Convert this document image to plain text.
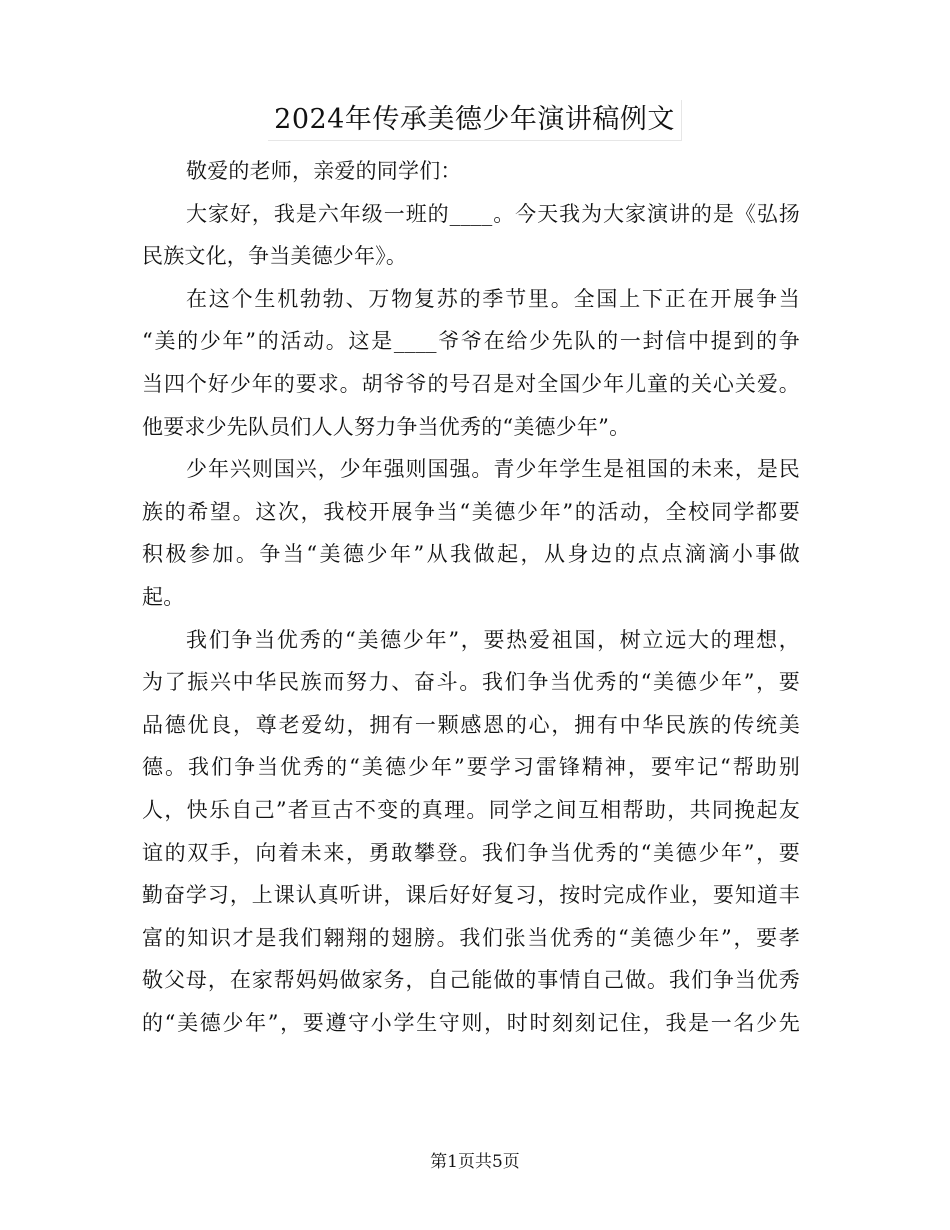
2024年传承美德少年演讲稿例文
敬爱的老师，亲爱的同学们：
大家好，我是六年级一班的____。今天我为大家演讲的是《弘扬
民族文化，争当美德少年》。
在这个生机勃勃、万物复苏的季节里。全国上下正在开展争当
“美的少年”的活动。这是____爷爷在给少先队的一封信中提到的争
当四个好少年的要求。胡爷爷的号召是对全国少年儿童的关心关爱。
他要求少先队员们人人努力争当优秀的“美德少年”。
少年兴则国兴，少年强则国强。青少年学生是祖国的未来，是民
族的希望。这次，我校开展争当“美德少年”的活动，全校同学都要
积极参加。争当“美德少年”从我做起，从身边的点点滴滴小事做
起。
我们争当优秀的“美德少年”，要热爱祖国，树立远大的理想，
为了振兴中华民族而努力、奋斗。我们争当优秀的“美德少年”，要
品德优良，尊老爱幼，拥有一颗感恩的心，拥有中华民族的传统美
德。我们争当优秀的“美德少年”要学习雷锋精神，要牢记“帮助别
人，快乐自己”者亘古不变的真理。同学之间互相帮助，共同挽起友
谊的双手，向着未来，勇敢攀登。我们争当优秀的“美德少年”，要
勤奋学习，上课认真听讲，课后好好复习，按时完成作业，要知道丰
富的知识才是我们翱翔的翅膀。我们张当优秀的“美德少年”，要孝
敬父母，在家帮妈妈做家务，自己能做的事情自己做。我们争当优秀
的“美德少年”，要遵守小学生守则，时时刻刻记住，我是一名少先
第1页共5页
